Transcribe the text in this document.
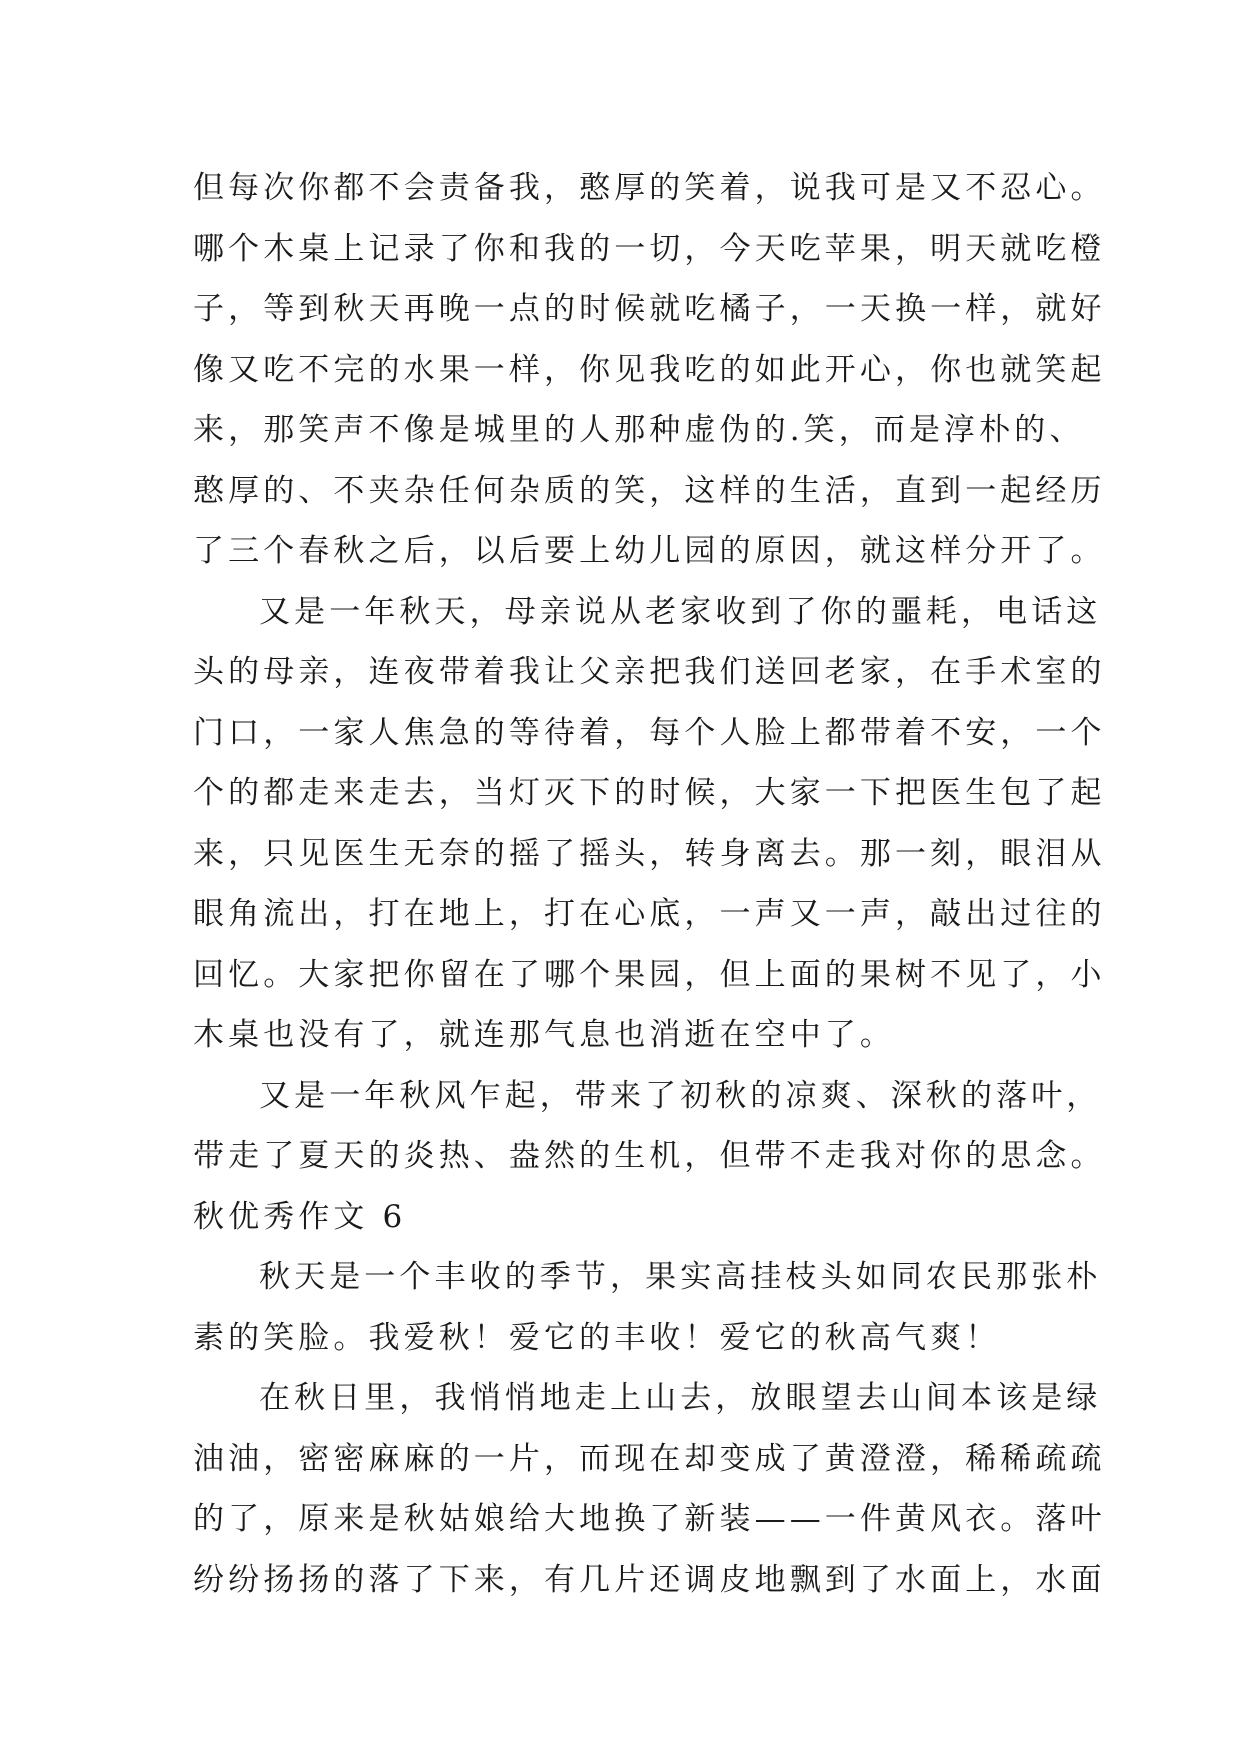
但每次你都不会责备我，憨厚的笑着，说我可是又不忍心。
哪个木桌上记录了你和我的一切，今天吃苹果，明天就吃橙
子，等到秋天再晚一点的时候就吃橘子，一天换一样，就好
像又吃不完的水果一样，你见我吃的如此开心，你也就笑起
来，那笑声不像是城里的人那种虚伪的.笑，而是淳朴的、
憨厚的、不夹杂任何杂质的笑，这样的生活，直到一起经历
了三个春秋之后，以后要上幼儿园的原因，就这样分开了。
又是一年秋天，母亲说从老家收到了你的噩耗，电话这
头的母亲，连夜带着我让父亲把我们送回老家，在手术室的
门口，一家人焦急的等待着，每个人脸上都带着不安，一个
个的都走来走去，当灯灭下的时候，大家一下把医生包了起
来，只见医生无奈的摇了摇头，转身离去。那一刻，眼泪从
眼角流出，打在地上，打在心底，一声又一声，敲出过往的
回忆。大家把你留在了哪个果园，但上面的果树不见了，小
木桌也没有了，就连那气息也消逝在空中了。
又是一年秋风乍起，带来了初秋的凉爽、深秋的落叶，
带走了夏天的炎热、盎然的生机，但带不走我对你的思念。
秋优秀作文 6
秋天是一个丰收的季节，果实高挂枝头如同农民那张朴
素的笑脸。我爱秋！爱它的丰收！爱它的秋高气爽！
在秋日里，我悄悄地走上山去，放眼望去山间本该是绿
油油，密密麻麻的一片，而现在却变成了黄澄澄，稀稀疏疏
的了，原来是秋姑娘给大地换了新装——一件黄风衣。落叶
纷纷扬扬的落了下来，有几片还调皮地飘到了水面上，水面
